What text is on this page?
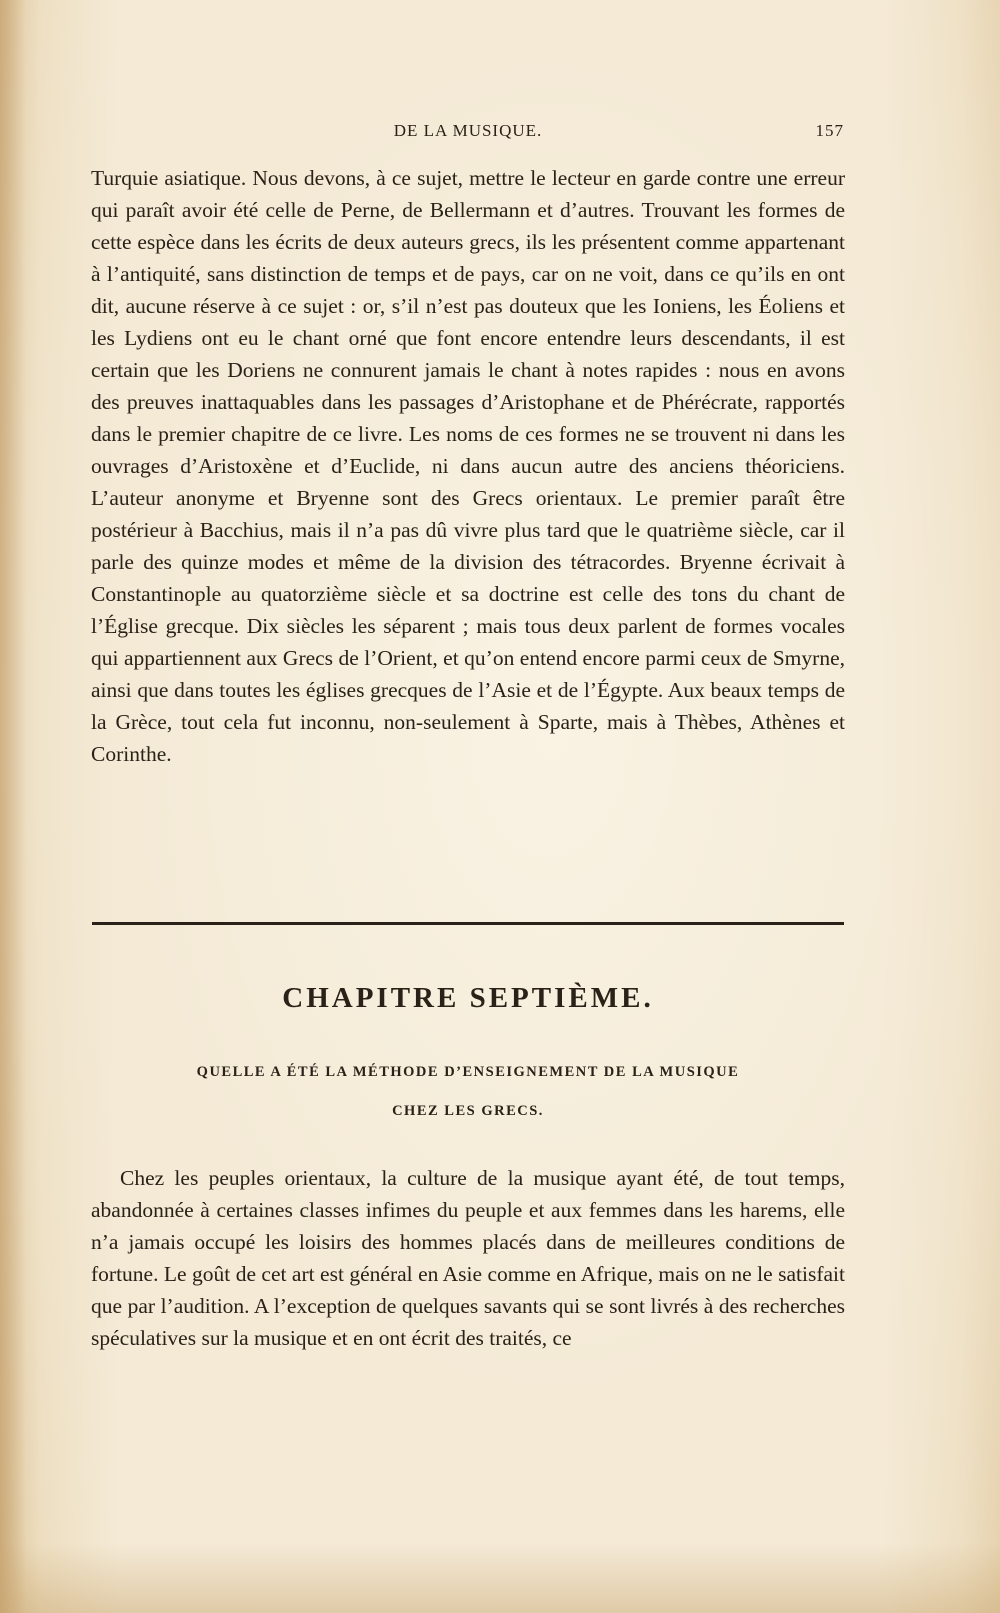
DE LA MUSIQUE.	157

Turquie asiatique. Nous devons, à ce sujet, mettre le lecteur en garde contre une erreur qui paraît avoir été celle de Perne, de Bellermann et d’autres. Trouvant les formes de cette espèce dans les écrits de deux auteurs grecs, ils les présentent comme appartenant à l’antiquité, sans distinction de temps et de pays, car on ne voit, dans ce qu’ils en ont dit, aucune réserve à ce sujet : or, s’il n’est pas douteux que les Ioniens, les Éoliens et les Lydiens ont eu le chant orné que font encore entendre leurs descendants, il est certain que les Doriens ne connurent jamais le chant à notes rapides : nous en avons des preuves inattaquables dans les passages d’Aristophane et de Phérécrate, rapportés dans le premier chapitre de ce livre. Les noms de ces formes ne se trouvent ni dans les ouvrages d’Aristoxène et d’Euclide, ni dans aucun autre des anciens théoriciens. L’auteur anonyme et Bryenne sont des Grecs orientaux. Le premier paraît être postérieur à Bacchius, mais il n’a pas dû vivre plus tard que le quatrième siècle, car il parle des quinze modes et même de la division des tétracordes. Bryenne écrivait à Constantinople au quatorzième siècle et sa doctrine est celle des tons du chant de l’Église grecque. Dix siècles les séparent ; mais tous deux parlent de formes vocales qui appartiennent aux Grecs de l’Orient, et qu’on entend encore parmi ceux de Smyrne, ainsi que dans toutes les églises grecques de l’Asie et de l’Égypte. Aux beaux temps de la Grèce, tout cela fut inconnu, non-seulement à Sparte, mais à Thèbes, Athènes et Corinthe.

CHAPITRE SEPTIÈME.
QUELLE A ÉTÉ LA MÉTHODE D’ENSEIGNEMENT DE LA MUSIQUE
CHEZ LES GRECS.

Chez les peuples orientaux, la culture de la musique ayant été, de tout temps, abandonnée à certaines classes infimes du peuple et aux femmes dans les harems, elle n’a jamais occupé les loisirs des hommes placés dans de meilleures conditions de fortune. Le goût de cet art est général en Asie comme en Afrique, mais on ne le satisfait que par l’audition. A l’exception de quelques savants qui se sont livrés à des recherches spéculatives sur la musique et en ont écrit des traités, ce
